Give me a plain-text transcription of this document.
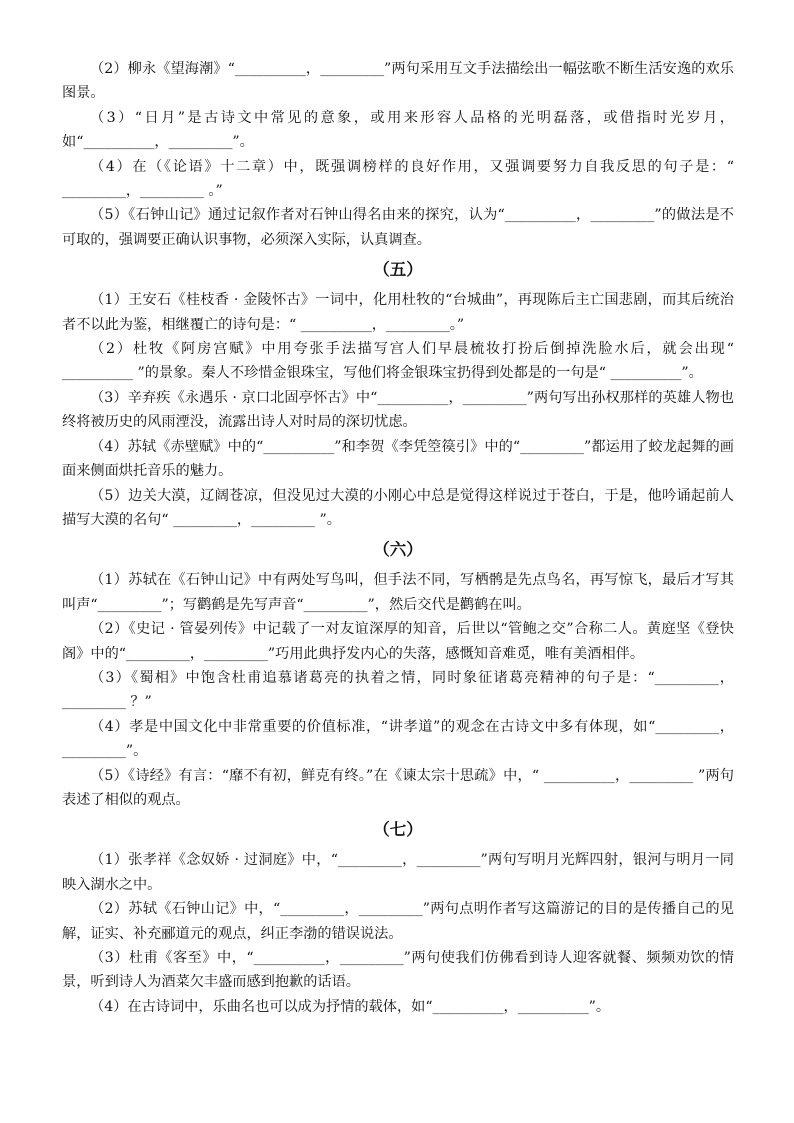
（2）柳永《望海潮》“__________，_________”两句采用互文手法描绘出一幅弦歌不断生活安逸的欢乐图景。

（3）“日月”是古诗文中常见的意象，或用来形容人品格的光明磊落，或借指时光岁月，如“__________，_________”。

（4）在（《论语》十二章）中，既强调榜样的良好作用，又强调要努力自我反思的句子是：“ _________，_________ 。”

（5）《石钟山记》通过记叙作者对石钟山得名由来的探究，认为“__________，_________”的做法是不可取的，强调要正确认识事物，必须深入实际，认真调查。

（五）

（1）王安石《桂枝香 · 金陵怀古》一词中，化用杜牧的“台城曲”，再现陈后主亡国悲剧，而其后统治者不以此为鉴，相继覆亡的诗句是：“ __________，_________。”

（2）杜牧《阿房宫赋》中用夸张手法描写宫人们早晨梳妆打扮后倒掉洗脸水后，就会出现“ __________ ”的景象。秦人不珍惜金银珠宝，写他们将金银珠宝扔得到处都是的一句是“ __________”。

（3）辛弃疾《永遇乐 · 京口北固亭怀古》中“__________，_________”两句写出孙权那样的英雄人物也终将被历史的风雨湮没，流露出诗人对时局的深切忧虑。

（4）苏轼《赤壁赋》中的“__________”和李贺《李凭箜篌引》中的“_________”都运用了蛟龙起舞的画面来侧面烘托音乐的魅力。

（5）边关大漠，辽阔苍凉，但没见过大漠的小刚心中总是觉得这样说过于苍白，于是，他吟诵起前人描写大漠的名句“ _________，_________ ”。

（六）

（1）苏轼在《石钟山记》中有两处写鸟叫，但手法不同，写栖鹘是先点鸟名，再写惊飞，最后才写其叫声“_________”；写鹳鹤是先写声音“_________”，然后交代是鹳鹤在叫。

（2）《史记 · 管晏列传》中记载了一对友谊深厚的知音，后世以“管鲍之交”合称二人。黄庭坚《登快阁》中的“_________，_________”巧用此典抒发内心的失落，感慨知音难觅，唯有美酒相伴。

（3）《蜀相》中饱含杜甫追慕诸葛亮的执着之情，同时象征诸葛亮精神的句子是：“_________，_________ ？”

（4）孝是中国文化中非常重要的价值标准，“讲孝道”的观念在古诗文中多有体现，如“_________，_________”。

（5）《诗经》有言：“靡不有初，鲜克有终。”在《谏太宗十思疏》中，“ __________，_________ ”两句表述了相似的观点。

（七）

（1）张孝祥《念奴娇 · 过洞庭》中，“_________，_________”两句写明月光辉四射，银河与明月一同映入湖水之中。

（2）苏轼《石钟山记》中，“_________，_________”两句点明作者写这篇游记的目的是传播自己的见解，证实、补充郦道元的观点，纠正李渤的错误说法。

（3）杜甫《客至》中，“__________，_________”两句使我们仿佛看到诗人迎客就餐、频频劝饮的情景，听到诗人为酒菜欠丰盛而感到抱歉的话语。

（4）在古诗词中，乐曲名也可以成为抒情的载体，如“__________，__________”。
